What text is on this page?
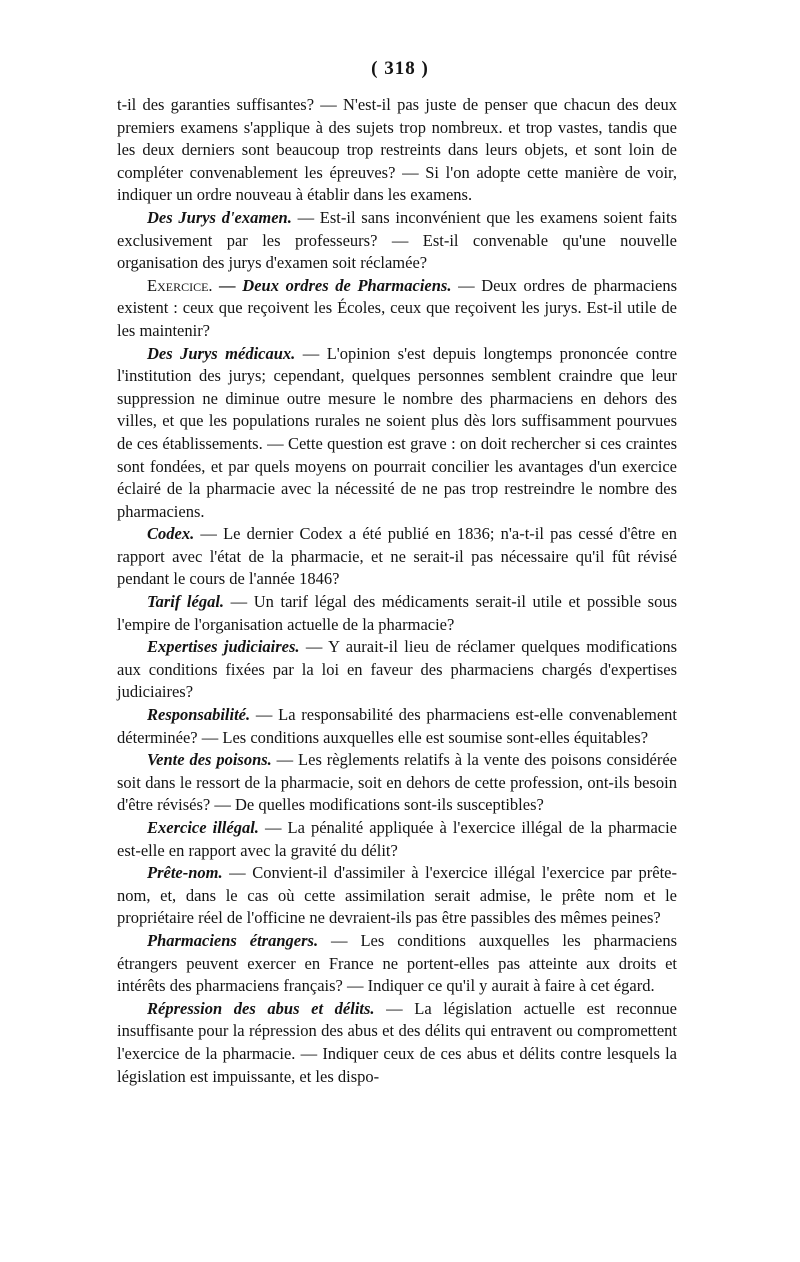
( 318 )

t-il des garanties suffisantes? — N'est-il pas juste de penser que chacun des deux premiers examens s'applique à des sujets trop nombreux. et trop vastes, tandis que les deux derniers sont beaucoup trop restreints dans leurs objets, et sont loin de compléter convenablement les épreuves? — Si l'on adopte cette manière de voir, indiquer un ordre nouveau à établir dans les examens.

Des Jurys d'examen. — Est-il sans inconvénient que les examens soient faits exclusivement par les professeurs? — Est-il convenable qu'une nouvelle organisation des jurys d'examen soit réclamée?

Exercice. — Deux ordres de Pharmaciens. — Deux ordres de pharmaciens existent : ceux que reçoivent les Écoles, ceux que reçoivent les jurys. Est-il utile de les maintenir?

Des Jurys médicaux. — L'opinion s'est depuis longtemps prononcée contre l'institution des jurys; cependant, quelques personnes semblent craindre que leur suppression ne diminue outre mesure le nombre des pharmaciens en dehors des villes, et que les populations rurales ne soient plus dès lors suffisamment pourvues de ces établissements. — Cette question est grave : on doit rechercher si ces craintes sont fondées, et par quels moyens on pourrait concilier les avantages d'un exercice éclairé de la pharmacie avec la nécessité de ne pas trop restreindre le nombre des pharmaciens.

Codex. — Le dernier Codex a été publié en 1836; n'a-t-il pas cessé d'être en rapport avec l'état de la pharmacie, et ne serait-il pas nécessaire qu'il fût révisé pendant le cours de l'année 1846?

Tarif légal. — Un tarif légal des médicaments serait-il utile et possible sous l'empire de l'organisation actuelle de la pharmacie?

Expertises judiciaires. — Y aurait-il lieu de réclamer quelques modifications aux conditions fixées par la loi en faveur des pharmaciens chargés d'expertises judiciaires?

Responsabilité. — La responsabilité des pharmaciens est-elle convenablement déterminée? — Les conditions auxquelles elle est soumise sont-elles équitables?

Vente des poisons. — Les règlements relatifs à la vente des poisons considérée soit dans le ressort de la pharmacie, soit en dehors de cette profession, ont-ils besoin d'être révisés? — De quelles modifications sont-ils susceptibles?

Exercice illégal. — La pénalité appliquée à l'exercice illégal de la pharmacie est-elle en rapport avec la gravité du délit?

Prête-nom. — Convient-il d'assimiler à l'exercice illégal l'exercice par prête-nom, et, dans le cas où cette assimilation serait admise, le prête nom et le propriétaire réel de l'officine ne devraient-ils pas être passibles des mêmes peines?

Pharmaciens étrangers. — Les conditions auxquelles les pharmaciens étrangers peuvent exercer en France ne portent-elles pas atteinte aux droits et intérêts des pharmaciens français? — Indiquer ce qu'il y aurait à faire à cet égard.

Répression des abus et délits. — La législation actuelle est reconnue insuffisante pour la répression des abus et des délits qui entravent ou compromettent l'exercice de la pharmacie. — Indiquer ceux de ces abus et délits contre lesquels la législation est impuissante, et les dispo-
